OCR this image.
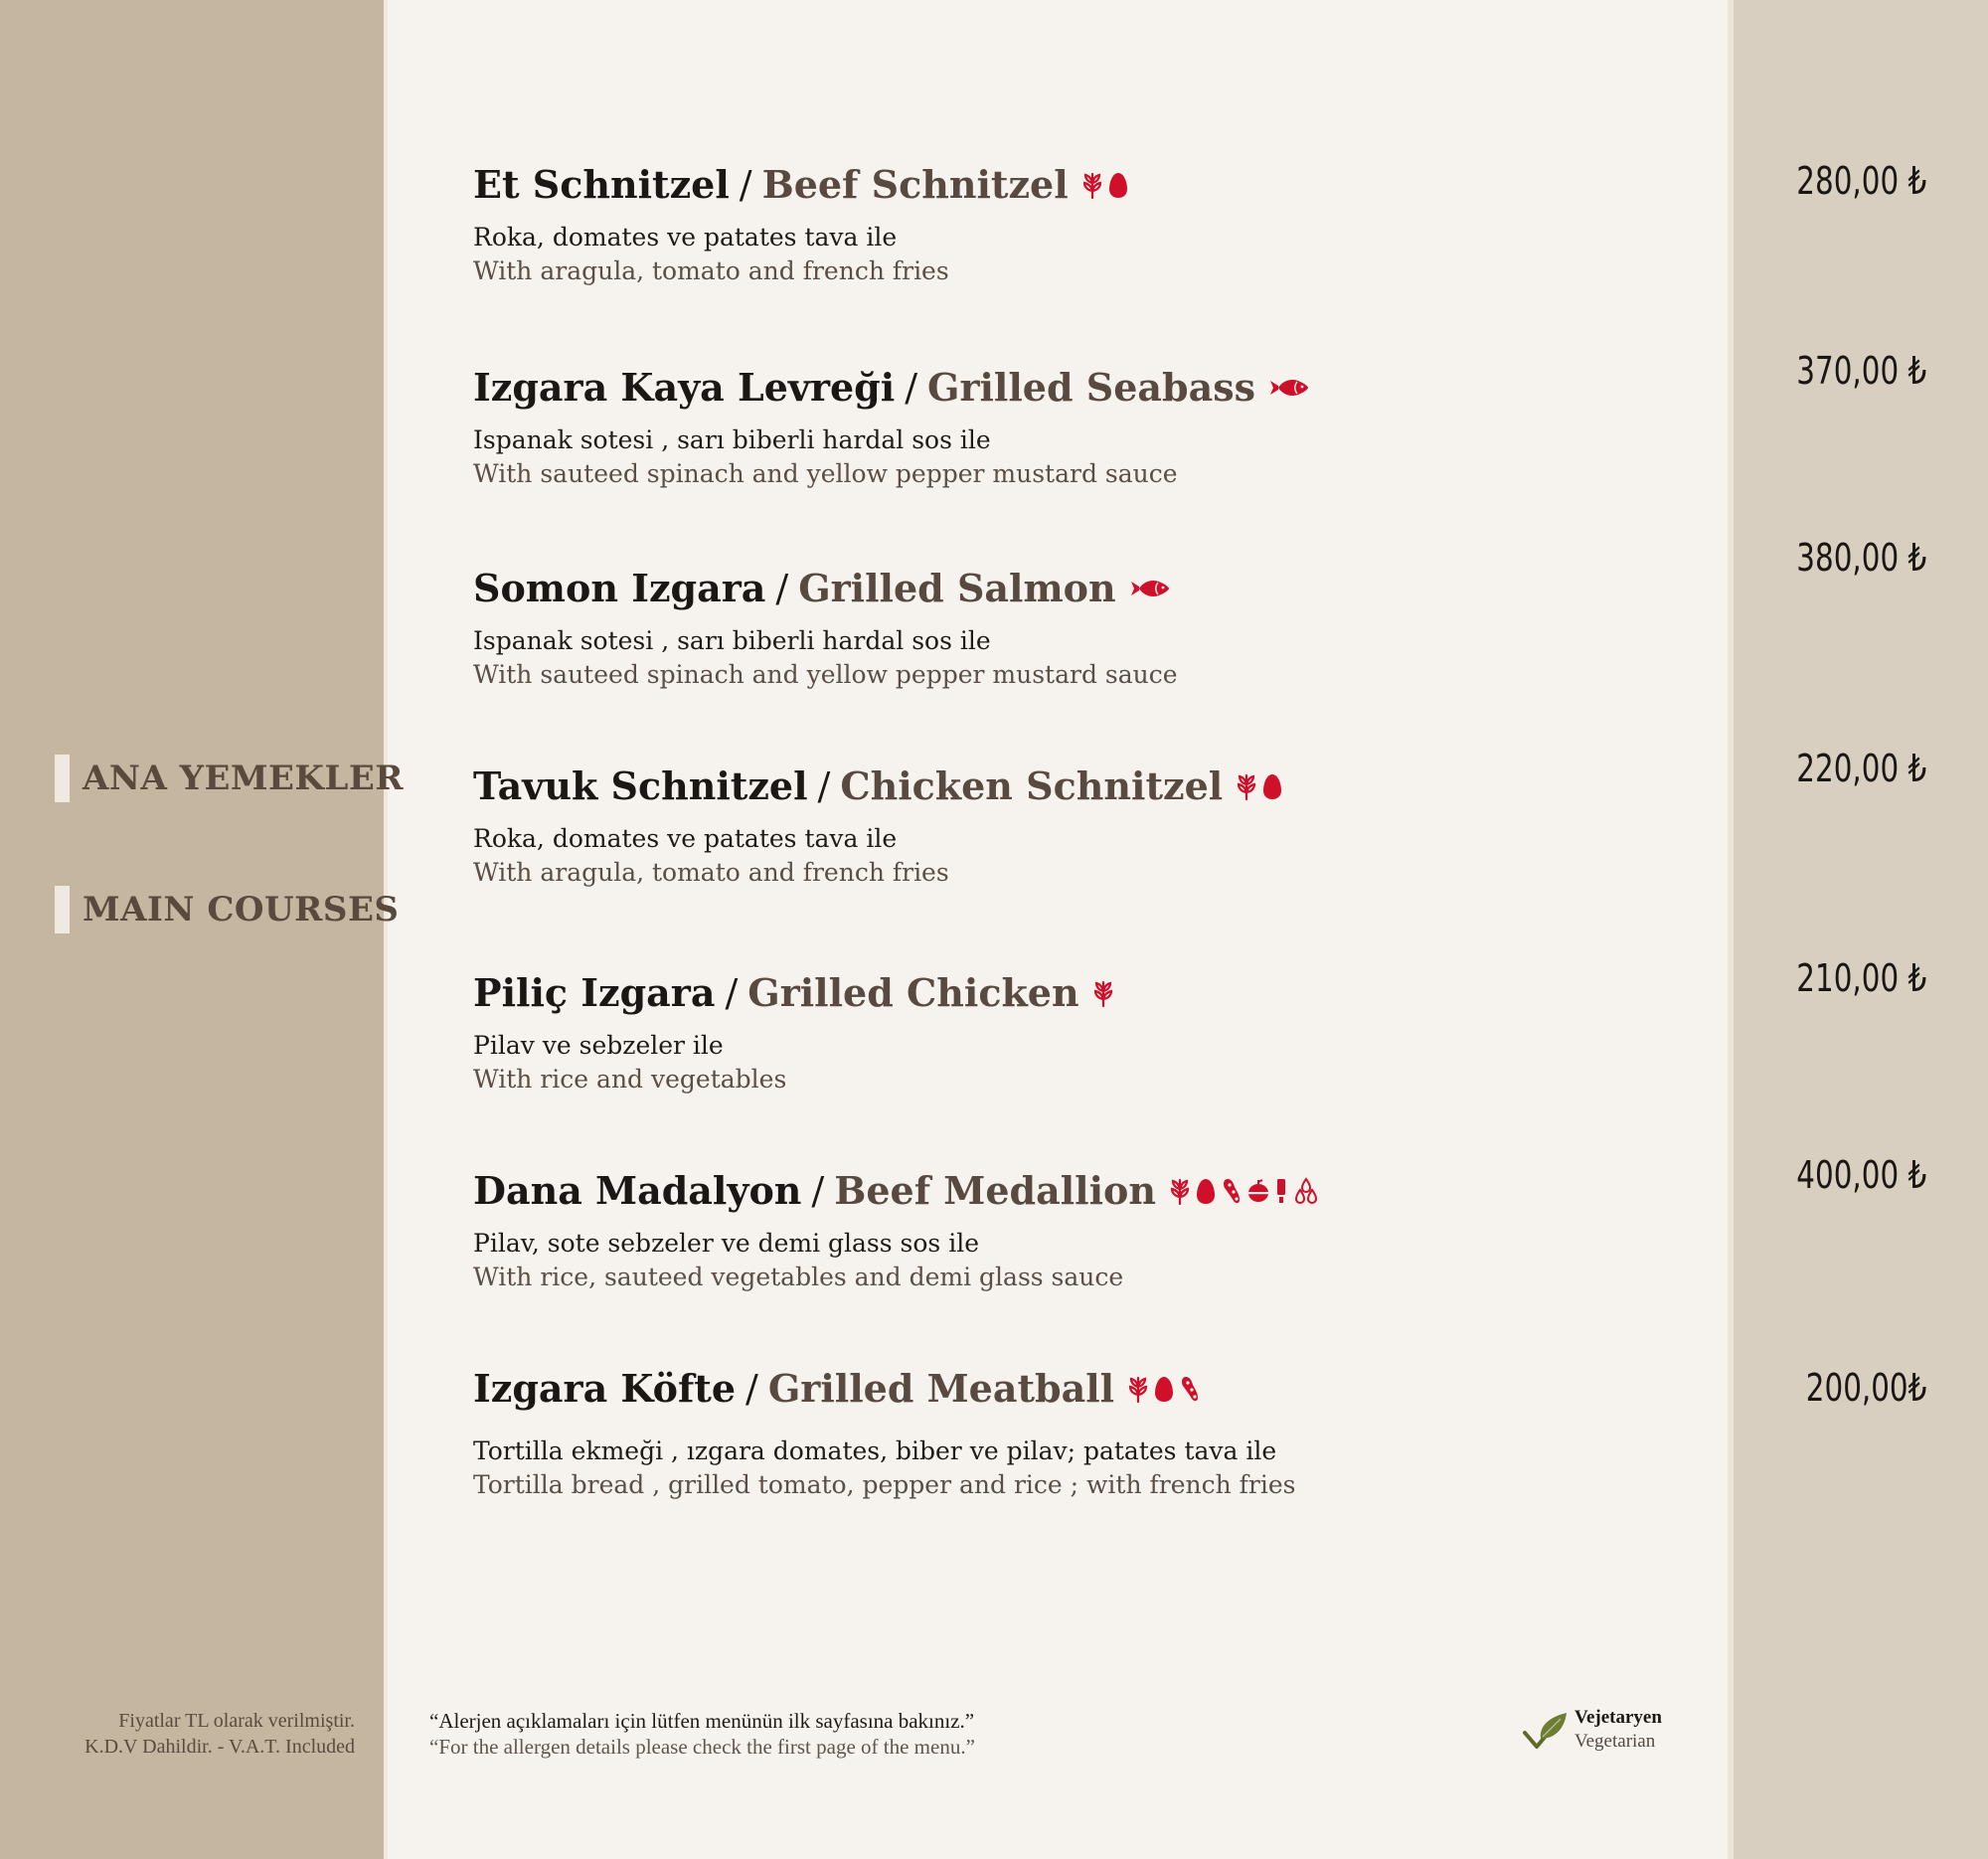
ANA YEMEKLER
MAIN COURSES
Et Schnitzel / Beef Schnitzel
Roka, domates ve patates tava ile
With aragula, tomato and french fries
280,00 ₺
Izgara Kaya Levreği / Grilled Seabass
Ispanak sotesi , sarı biberli hardal sos ile
With sauteed spinach and yellow pepper mustard sauce
370,00 ₺
Somon Izgara / Grilled Salmon
Ispanak sotesi , sarı biberli hardal sos ile
With sauteed spinach and yellow pepper mustard sauce
380,00 ₺
Tavuk Schnitzel / Chicken Schnitzel
Roka, domates ve patates tava ile
With aragula, tomato and french fries
220,00 ₺
Piliç Izgara / Grilled Chicken
Pilav ve sebzeler ile
With rice and vegetables
210,00 ₺
Dana Madalyon / Beef Medallion
Pilav, sote sebzeler ve demi glass sos ile
With rice, sauteed vegetables and demi glass sauce
400,00 ₺
Izgara Köfte / Grilled Meatball
Tortilla ekmeği , ızgara domates, biber ve pilav; patates tava ile
Tortilla bread , grilled tomato, pepper and rice ; with french fries
200,00₺
Fiyatlar TL olarak verilmiştir.
K.D.V Dahildir. - V.A.T. Included
“Alerjen açıklamaları için lütfen menünün ilk sayfasına bakınız.”
“For the allergen details please check the first page of the menu.”
Vejetaryen
Vegetarian
